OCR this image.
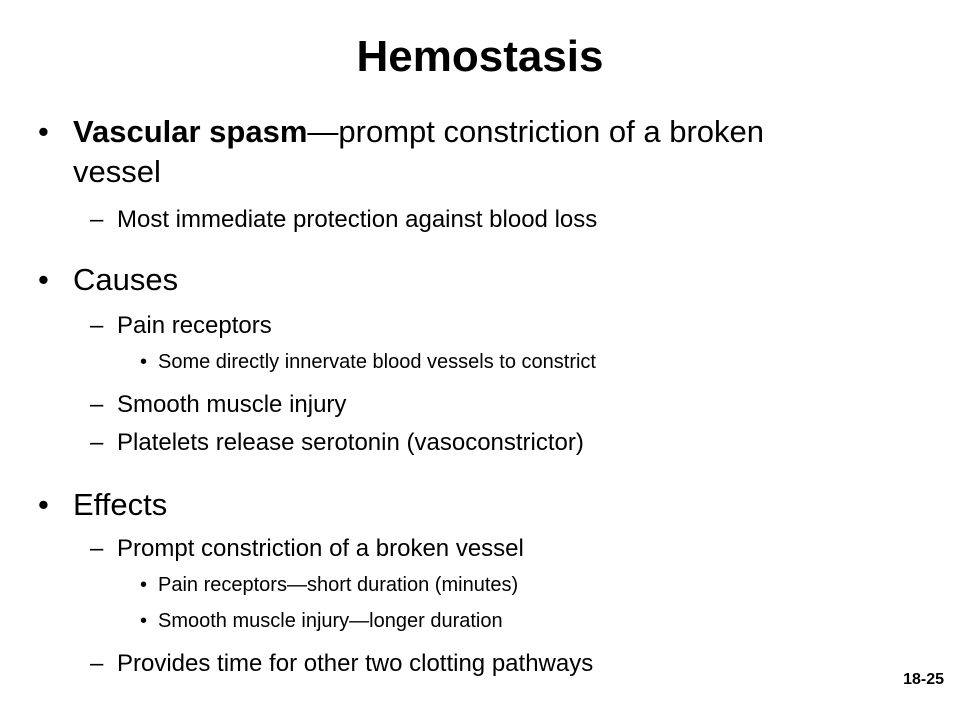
Hemostasis
• Vascular spasm—prompt constriction of a broken
vessel
– Most immediate protection against blood loss
• Causes
– Pain receptors
• Some directly innervate blood vessels to constrict
– Smooth muscle injury
– Platelets release serotonin (vasoconstrictor)
• Effects
– Prompt constriction of a broken vessel
• Pain receptors—short duration (minutes)
• Smooth muscle injury—longer duration
– Provides time for other two clotting pathways
18-25
